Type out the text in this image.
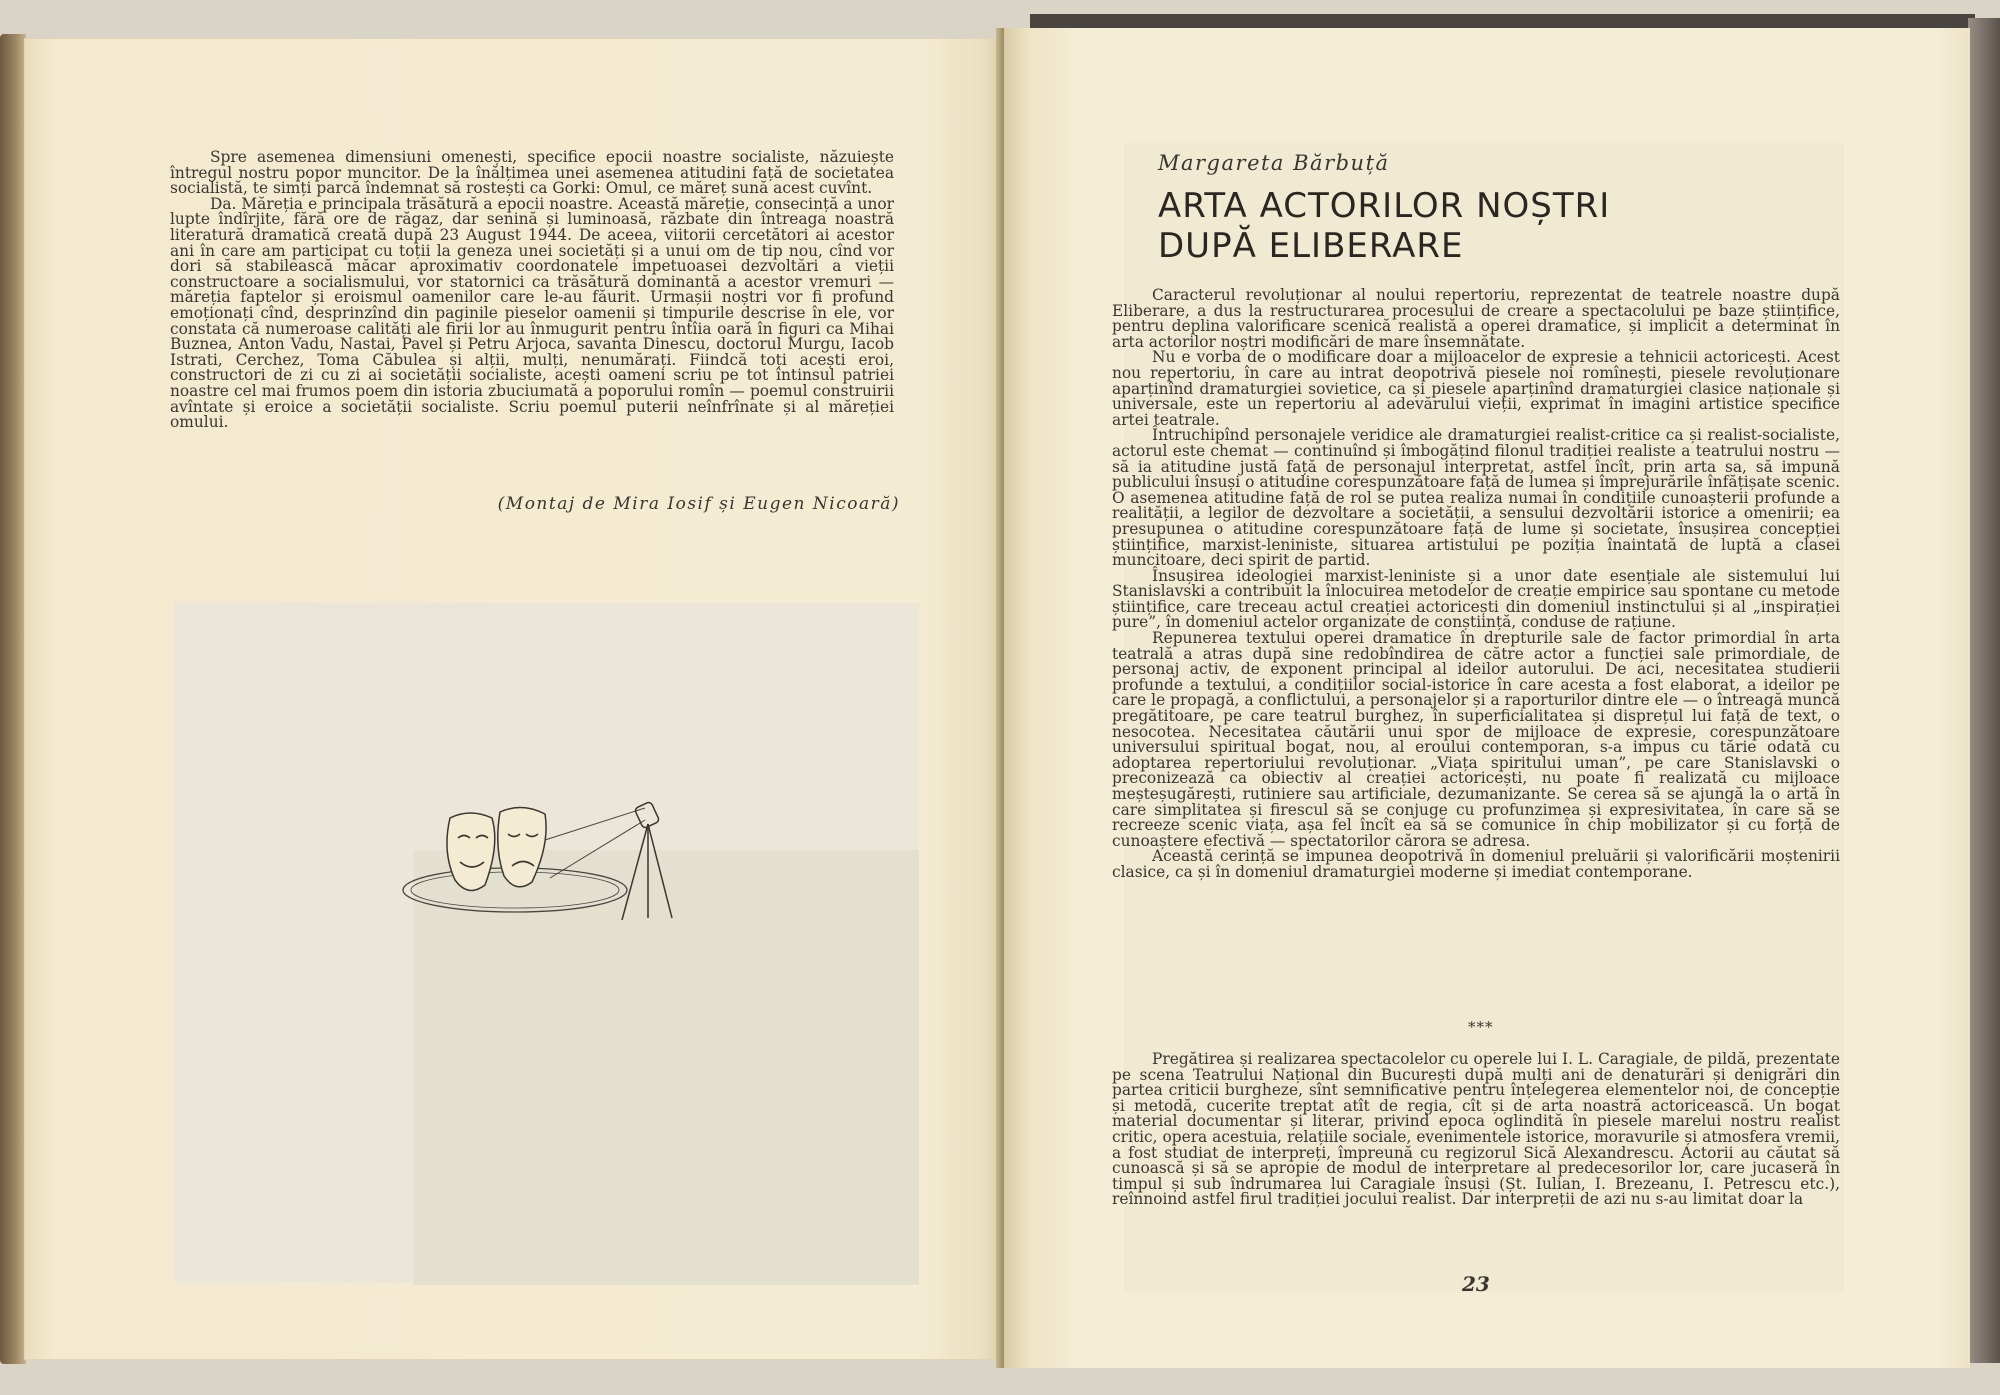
Spre asemenea dimensiuni omenești, specifice epocii noastre socialiste, năzuiește întregul nostru popor muncitor. De la înălțimea unei asemenea atitudini față de societatea socialistă, te simți parcă îndemnat să rostești ca Gorki: Omul, ce măreț sună acest cuvînt.

Da. Măreția e principala trăsătură a epocii noastre. Această măreție, consecință a unor lupte îndîrjite, fără ore de răgaz, dar senină și luminoasă, răzbate din întreaga noastră literatură dramatică creată după 23 August 1944. De aceea, viitorii cercetători ai acestor ani în care am participat cu toții la geneza unei societăți și a unui om de tip nou, cînd vor dori să stabilească măcar aproximativ coordonatele impetuoasei dezvoltări a vieții constructoare a socialismului, vor statornici ca trăsătură dominantă a acestor vremuri — măreția faptelor și eroismul oamenilor care le-au făurit. Urmașii noștri vor fi profund emoționați cînd, desprinzînd din paginile pieselor oamenii și timpurile descrise în ele, vor constata că numeroase calități ale firii lor au înmugurit pentru întîia oară în figuri ca Mihai Buznea, Anton Vadu, Nastai, Pavel și Petru Arjoca, savanta Dinescu, doctorul Murgu, Iacob Istrati, Cerchez, Toma Căbulea și alții, mulți, nenumărați. Fiindcă toți acești eroi, constructori de zi cu zi ai societății socialiste, acești oameni scriu pe tot întinsul patriei noastre cel mai frumos poem din istoria zbuciumată a poporului romîn — poemul construirii avîntate și eroice a societății socialiste. Scriu poemul puterii neînfrînate și al măreției omului.

(Montaj de Mira Iosif și Eugen Nicoară)
Margareta Bărbuță
ARTA ACTORILOR NOȘTRI
DUPĂ ELIBERARE

Caracterul revoluționar al noului repertoriu, reprezentat de teatrele noastre după Eliberare, a dus la restructurarea procesului de creare a spectacolului pe baze științifice, pentru deplina valorificare scenică realistă a operei dramatice, și implicit a determinat în arta actorilor noștri modificări de mare însemnătate.

Nu e vorba de o modificare doar a mijloacelor de expresie a tehnicii actoricești. Acest nou repertoriu, în care au intrat deopotrivă piesele noi romînești, piesele revoluționare aparținînd dramaturgiei sovietice, ca și piesele aparținînd dramaturgiei clasice naționale și universale, este un repertoriu al adevărului vieții, exprimat în imagini artistice specifice artei teatrale.

Întruchipînd personajele veridice ale dramaturgiei realist-critice ca și realist-socialiste, actorul este chemat — continuînd și îmbogățind filonul tradiției realiste a teatrului nostru — să ia atitudine justă față de personajul interpretat, astfel încît, prin arta sa, să impună publicului însuși o atitudine corespunzătoare față de lumea și împrejurările înfățișate scenic. O asemenea atitudine față de rol se putea realiza numai în condițiile cunoașterii profunde a realității, a legilor de dezvoltare a societății, a sensului dezvoltării istorice a omenirii; ea presupunea o atitudine corespunzătoare față de lume și societate, însușirea concepției științifice, marxist-leniniste, situarea artistului pe poziția înaintată de luptă a clasei muncitoare, deci spirit de partid.

Însușirea ideologiei marxist-leniniste și a unor date esențiale ale sistemului lui Stanislavski a contribuit la înlocuirea metodelor de creație empirice sau spontane cu metode științifice, care treceau actul creației actoricești din domeniul instinctului și al „inspirației pure”, în domeniul actelor organizate de conștiință, conduse de rațiune.

Repunerea textului operei dramatice în drepturile sale de factor primordial în arta teatrală a atras după sine redobîndirea de către actor a funcției sale primordiale, de personaj activ, de exponent principal al ideilor autorului. De aci, necesitatea studierii profunde a textului, a condițiilor social-istorice în care acesta a fost elaborat, a ideilor pe care le propagă, a conflictului, a personajelor și a raporturilor dintre ele — o întreagă muncă pregătitoare, pe care teatrul burghez, în superficialitatea și disprețul lui față de text, o nesocotea. Necesitatea căutării unui spor de mijloace de expresie, corespunzătoare universului spiritual bogat, nou, al eroului contemporan, s-a impus cu tărie odată cu adoptarea repertoriului revoluționar. „Viața spiritului uman”, pe care Stanislavski o preconizează ca obiectiv al creației actoricești, nu poate fi realizată cu mijloace meșteșugărești, rutiniere sau artificiale, dezumanizante. Se cerea să se ajungă la o artă în care simplitatea și firescul să se conjuge cu profunzimea și expresivitatea, în care să se recreeze scenic viața, așa fel încît ea să se comunice în chip mobilizator și cu forță de cunoaștere efectivă — spectatorilor cărora se adresa.

Această cerință se impunea deopotrivă în domeniul preluării și valorificării moștenirii clasice, ca și în domeniul dramaturgiei moderne și imediat contemporane.

***

Pregătirea și realizarea spectacolelor cu operele lui I. L. Caragiale, de pildă, prezentate pe scena Teatrului Național din București după mulți ani de denaturări și denigrări din partea criticii burgheze, sînt semnificative pentru înțelegerea elementelor noi, de concepție și metodă, cucerite treptat atît de regia, cît și de arta noastră actoricească. Un bogat material documentar și literar, privind epoca oglindită în piesele marelui nostru realist critic, opera acestuia, relațiile sociale, evenimentele istorice, moravurile și atmosfera vremii, a fost studiat de interpreți, împreună cu regizorul Sică Alexandrescu. Actorii au căutat să cunoască și să se apropie de modul de interpretare al predecesorilor lor, care jucaseră în timpul și sub îndrumarea lui Caragiale însuși (Șt. Iulian, I. Brezeanu, I. Petrescu etc.), reînnoind astfel firul tradiției jocului realist. Dar interpreții de azi nu s-au limitat doar la

23
